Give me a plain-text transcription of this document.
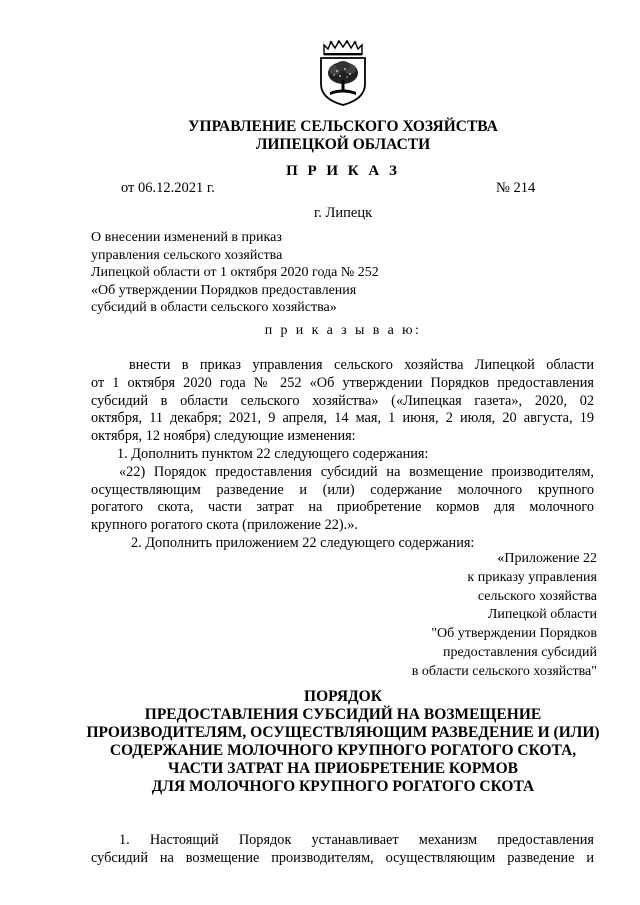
УПРАВЛЕНИЕ СЕЛЬСКОГО ХОЗЯЙСТВА
ЛИПЕЦКОЙ ОБЛАСТИ
П Р И К А З
от 06.12.2021 г.	№ 214
г. Липецк
О внесении изменений в приказ
управления сельского хозяйства
Липецкой области от 1 октября 2020 года № 252
«Об утверждении Порядков предоставления
субсидий в области сельского хозяйства»
п р и к а з ы в а ю:
внести в приказ управления сельского хозяйства Липецкой области
от 1 октября 2020 года № 252 «Об утверждении Порядков предоставления
субсидий в области сельского хозяйства» («Липецкая газета», 2020, 02
октября, 11 декабря; 2021, 9 апреля, 14 мая, 1 июня, 2 июля, 20 августа, 19
октября, 12 ноября) следующие изменения:
1. Дополнить пунктом 22 следующего содержания:
«22) Порядок предоставления субсидий на возмещение производителям,
осуществляющим разведение и (или) содержание молочного крупного
рогатого скота, части затрат на приобретение кормов для молочного
крупного рогатого скота (приложение 22).».
2. Дополнить приложением 22 следующего содержания:
«Приложение 22
к приказу управления
сельского хозяйства
Липецкой области
"Об утверждении Порядков
предоставления субсидий
в области сельского хозяйства"
ПОРЯДОК
ПРЕДОСТАВЛЕНИЯ СУБСИДИЙ НА ВОЗМЕЩЕНИЕ
ПРОИЗВОДИТЕЛЯМ, ОСУЩЕСТВЛЯЮЩИМ РАЗВЕДЕНИЕ И (ИЛИ)
СОДЕРЖАНИЕ МОЛОЧНОГО КРУПНОГО РОГАТОГО СКОТА,
ЧАСТИ ЗАТРАТ НА ПРИОБРЕТЕНИЕ КОРМОВ
ДЛЯ МОЛОЧНОГО КРУПНОГО РОГАТОГО СКОТА
1. Настоящий Порядок устанавливает механизм предоставления
субсидий на возмещение производителям, осуществляющим разведение и
